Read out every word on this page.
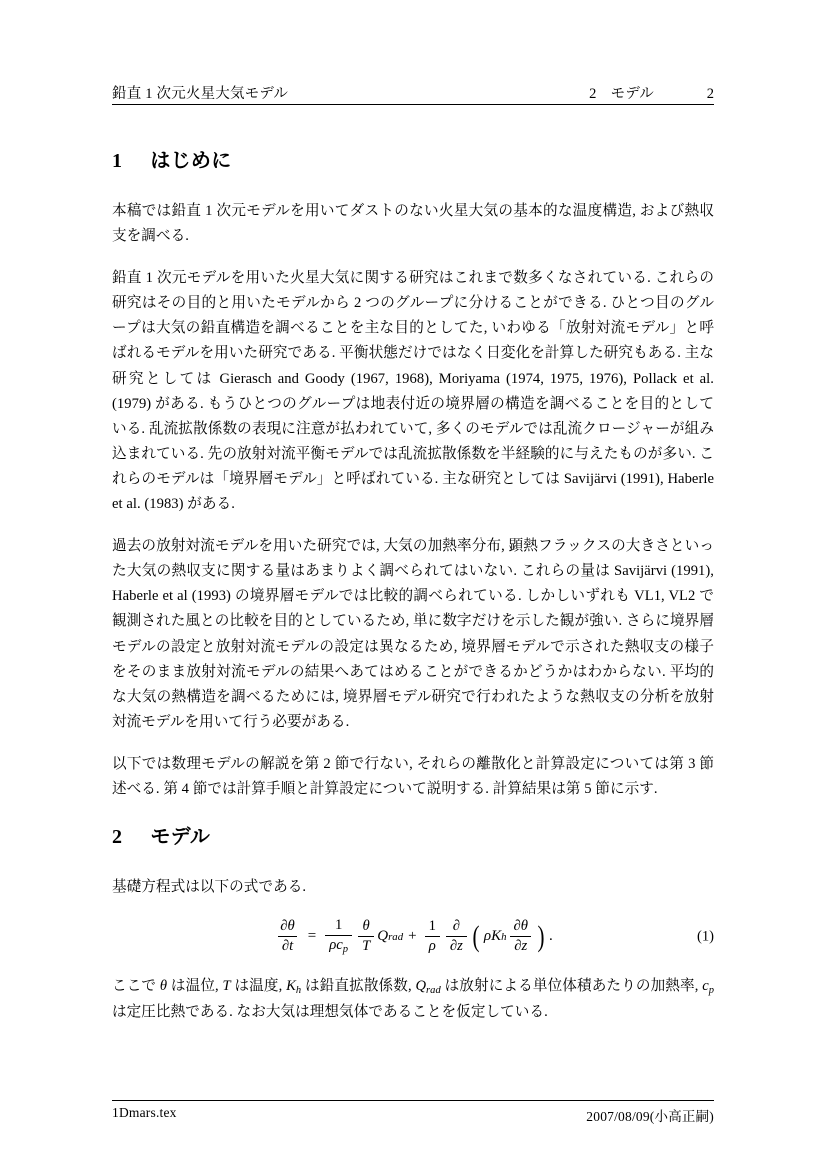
鉛直 1 次元火星大気モデル	2 モデル	2
1 はじめに

本稿では鉛直 1 次元モデルを用いてダストのない火星大気の基本的な温度構造, および熱収支を調べる.

鉛直 1 次元モデルを用いた火星大気に関する研究はこれまで数多くなされている. これらの研究はその目的と用いたモデルから 2 つのグループに分けることができる. ひとつ目のグループは大気の鉛直構造を調べることを主な目的としてた, いわゆる「放射対流モデル」と呼ばれるモデルを用いた研究である. 平衡状態だけではなく日変化を計算した研究もある. 主な研究としては Gierasch and Goody (1967, 1968), Moriyama (1974, 1975, 1976), Pollack et al. (1979) がある. もうひとつのグループは地表付近の境界層の構造を調べることを目的としている. 乱流拡散係数の表現に注意が払われていて, 多くのモデルでは乱流クロージャーが組み込まれている. 先の放射対流平衡モデルでは乱流拡散係数を半経験的に与えたものが多い. これらのモデルは「境界層モデル」と呼ばれている. 主な研究としては Savijärvi (1991), Haberle et al. (1983) がある.

過去の放射対流モデルを用いた研究では, 大気の加熱率分布, 顕熱フラックスの大きさといった大気の熱収支に関する量はあまりよく調べられてはいない. これらの量は Savijärvi (1991), Haberle et al (1993) の境界層モデルでは比較的調べられている. しかしいずれも VL1, VL2 で観測された風との比較を目的としているため, 単に数字だけを示した観が強い. さらに境界層モデルの設定と放射対流モデルの設定は異なるため, 境界層モデルで示された熱収支の様子をそのまま放射対流モデルの結果へあてはめることができるかどうかはわからない. 平均的な大気の熱構造を調べるためには, 境界層モデル研究で行われたような熱収支の分析を放射対流モデルを用いて行う必要がある.

以下では数理モデルの解説を第 2 節で行ない, それらの離散化と計算設定については第 3 節述べる. 第 4 節では計算手順と計算設定について説明する. 計算結果は第 5 節に示す.

2 モデル

基礎方程式は以下の式である.

$\frac{\partial\theta}{\partial t} = \frac{1}{\rho c_p} \frac{\theta}{T}$ Q rad + $\frac{1}{\rho} \frac{\partial}{\partial z}$ ( ρK h $\frac{\partial\theta}{\partial z}$ ) .	(1)

ここで θ は温位, T は温度, $K_h$ は鉛直拡散係数, $Q_{rad}$ は放射による単位体積あたりの加熱率, $c_p$ は定圧比熱である. なお大気は理想気体であることを仮定している.

1Dmars.tex	2007/08/09(小高正嗣)
